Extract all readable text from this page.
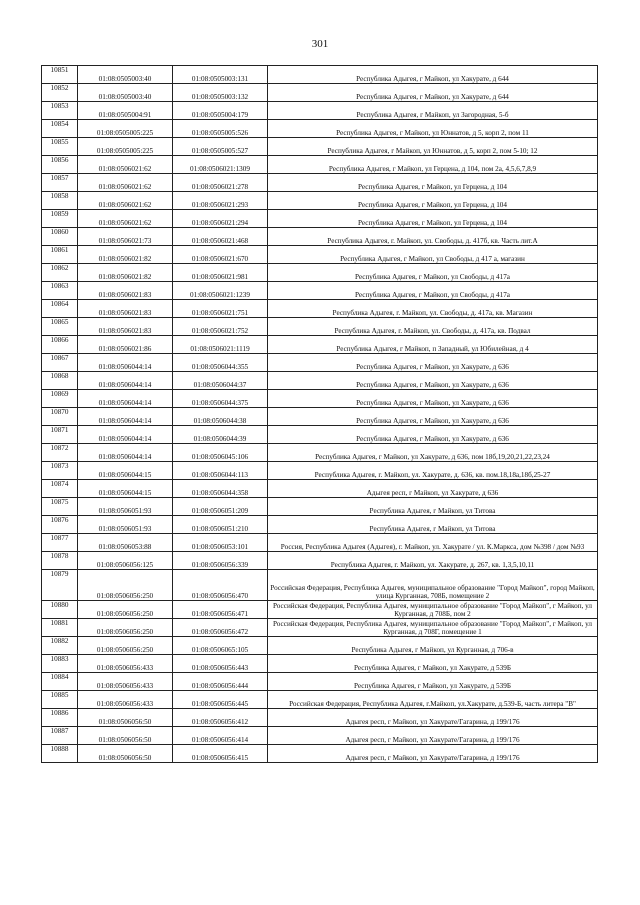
301
10851	01:08:0505003:40	01:08:0505003:131	Республика Адыгея, г Майкоп, ул Хакурате, д 644
10852	01:08:0505003:40	01:08:0505003:132	Республика Адыгея, г Майкоп, ул Хакурате, д 644
10853	01:08:0505004:91	01:08:0505004:179	Республика Адыгея, г Майкоп, ул Загородная, 5-б
10854	01:08:0505005:225	01:08:0505005:526	Республика Адыгея, г Майкоп, ул Юннатов, д 5, корп 2, пом 11
10855	01:08:0505005:225	01:08:0505005:527	Республика Адыгея, г Майкоп, ул Юннатов, д 5, корп 2, пом 5-10; 12
10856	01:08:0506021:62	01:08:0506021:1309	Республика Адыгея, г Майкоп, ул Герцена, д 104, пом 2а, 4,5,6,7,8,9
10857	01:08:0506021:62	01:08:0506021:278	Республика Адыгея, г Майкоп, ул Герцена, д 104
10858	01:08:0506021:62	01:08:0506021:293	Республика Адыгея, г Майкоп, ул Герцена, д 104
10859	01:08:0506021:62	01:08:0506021:294	Республика Адыгея, г Майкоп, ул Герцена, д 104
10860	01:08:0506021:73	01:08:0506021:468	Республика Адыгея, г. Майкоп, ул. Свободы, д. 417б, кв. Часть лит.А
10861	01:08:0506021:82	01:08:0506021:670	Республика Адыгея, г Майкоп, ул Свободы, д 417 а, магазин
10862	01:08:0506021:82	01:08:0506021:981	Республика Адыгея, г Майкоп, ул Свободы, д 417а
10863	01:08:0506021:83	01:08:0506021:1239	Республика Адыгея, г Майкоп, ул Свободы, д 417а
10864	01:08:0506021:83	01:08:0506021:751	Республика Адыгея, г. Майкоп, ул. Свободы, д. 417а, кв. Магазин
10865	01:08:0506021:83	01:08:0506021:752	Республика Адыгея, г. Майкоп, ул. Свободы, д. 417а, кв. Подвал
10866	01:08:0506021:86	01:08:0506021:1119	Республика Адыгея, г Майкоп, п Западный, ул Юбилейная, д 4
10867	01:08:0506044:14	01:08:0506044:355	Республика Адыгея, г Майкоп, ул Хакурате, д 636
10868	01:08:0506044:14	01:08:0506044:37	Республика Адыгея, г Майкоп, ул Хакурате, д 636
10869	01:08:0506044:14	01:08:0506044:375	Республика Адыгея, г Майкоп, ул Хакурате, д 636
10870	01:08:0506044:14	01:08:0506044:38	Республика Адыгея, г Майкоп, ул Хакурате, д 636
10871	01:08:0506044:14	01:08:0506044:39	Республика Адыгея, г Майкоп, ул Хакурате, д 636
10872	01:08:0506044:14	01:08:0506045:106	Республика Адыгея, г Майкоп, ул Хакурате, д 636, пом 18б,19,20,21,22,23,24
10873	01:08:0506044:15	01:08:0506044:113	Республика Адыгея, г. Майкоп, ул. Хакурате, д. 636, кв. пом.18,18а,18б,25-27
10874	01:08:0506044:15	01:08:0506044:358	Адыгея респ, г Майкоп, ул Хакурате, д 636
10875	01:08:0506051:93	01:08:0506051:209	Республика Адыгея, г Майкоп, ул Титова
10876	01:08:0506051:93	01:08:0506051:210	Республика Адыгея, г Майкоп, ул Титова
10877	01:08:0506053:88	01:08:0506053:101	Россия, Республика Адыгея (Адыгея), г. Майкоп, ул. Хакурате / ул. К.Маркса, дом №398 / дом №93
10878	01:08:0506056:125	01:08:0506056:339	Республика Адыгея, г. Майкоп, ул. Хакурате, д. 267, кв. 1,3,5,10,11
10879	01:08:0506056:250	01:08:0506056:470	Российская Федерация, Республика Адыгея, муниципальное образование "Город Майкоп", город Майкоп, улица Курганная, 708Б, помещение 2
10880	01:08:0506056:250	01:08:0506056:471	Российская Федерация, Республика Адыгея, муниципальное образование "Город Майкоп", г Майкоп, ул Курганная, д 708Б, пом 2
10881	01:08:0506056:250	01:08:0506056:472	Российская Федерация, Республика Адыгея, муниципальное образование "Город Майкоп", г Майкоп, ул Курганная, д 708Г, помещение 1
10882	01:08:0506056:250	01:08:0506065:105	Республика Адыгея, г Майкоп, ул Курганная, д 706-в
10883	01:08:0506056:433	01:08:0506056:443	Республика Адыгея, г Майкоп, ул Хакурате, д 539Б
10884	01:08:0506056:433	01:08:0506056:444	Республика Адыгея, г Майкоп, ул Хакурате, д 539Б
10885	01:08:0506056:433	01:08:0506056:445	Российская Федерация, Республика Адыгея, г.Майкоп, ул.Хакурате, д.539-Б, часть литера "В"
10886	01:08:0506056:50	01:08:0506056:412	Адыгея респ, г Майкоп, ул Хакурате/Гагарина, д 199/176
10887	01:08:0506056:50	01:08:0506056:414	Адыгея респ, г Майкоп, ул Хакурате/Гагарина, д 199/176
10888	01:08:0506056:50	01:08:0506056:415	Адыгея респ, г Майкоп, ул Хакурате/Гагарина, д 199/176
